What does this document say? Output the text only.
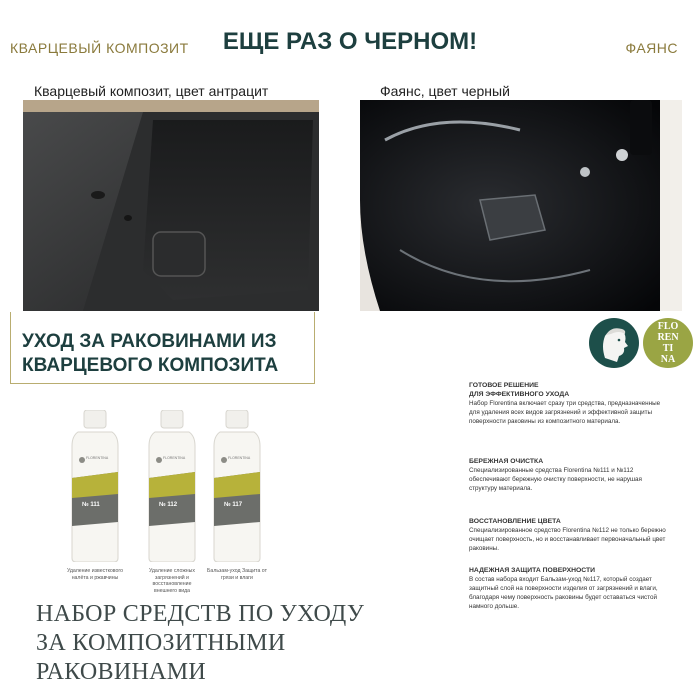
КВАРЦЕВЫЙ КОМПОЗИТ	ЕЩЕ РАЗ О ЧЕРНОМ!	ФАЯНС
Кварцевый композит, цвет антрацит	Фаянс, цвет черный
УХОД ЗА РАКОВИНАМИ ИЗ
КВАРЦЕВОГО КОМПОЗИТА
FLO
REN
TI
NA
FLORENTINA
№ 111
Удаление известкового налёта и ржавчины
FLORENTINA
№ 112
Удаление сложных загрязнений и восстановление внешнего вида
FLORENTINA
№ 117
Бальзам-уход Защита от грязи и влаги
ГОТОВОЕ РЕШЕНИЕ
ДЛЯ ЭФФЕКТИВНОГО УХОДА

Набор Florentina включает сразу три средства, предназначенные для удаления всех видов загрязнений и эффективной защиты поверхности раковины из композитного материала.

БЕРЕЖНАЯ ОЧИСТКА

Специализированные средства Florentina №111 и №112 обеспечивают бережную очистку поверхности, не нарушая структуру материала.

ВОССТАНОВЛЕНИЕ ЦВЕТА

Специализированное средство Florentina №112 не только бережно очищает поверхность, но и восстанавливает первоначальный цвет раковины.

НАДЕЖНАЯ ЗАЩИТА ПОВЕРХНОСТИ

В состав набора входит Бальзам-уход №117, который создает защитный слой на поверхности изделия от загрязнений и влаги, благодаря чему поверхность раковины будет оставаться чистой намного дольше.

НАБОР СРЕДСТВ ПО УХОДУ
ЗА КОМПОЗИТНЫМИ
РАКОВИНАМИ
